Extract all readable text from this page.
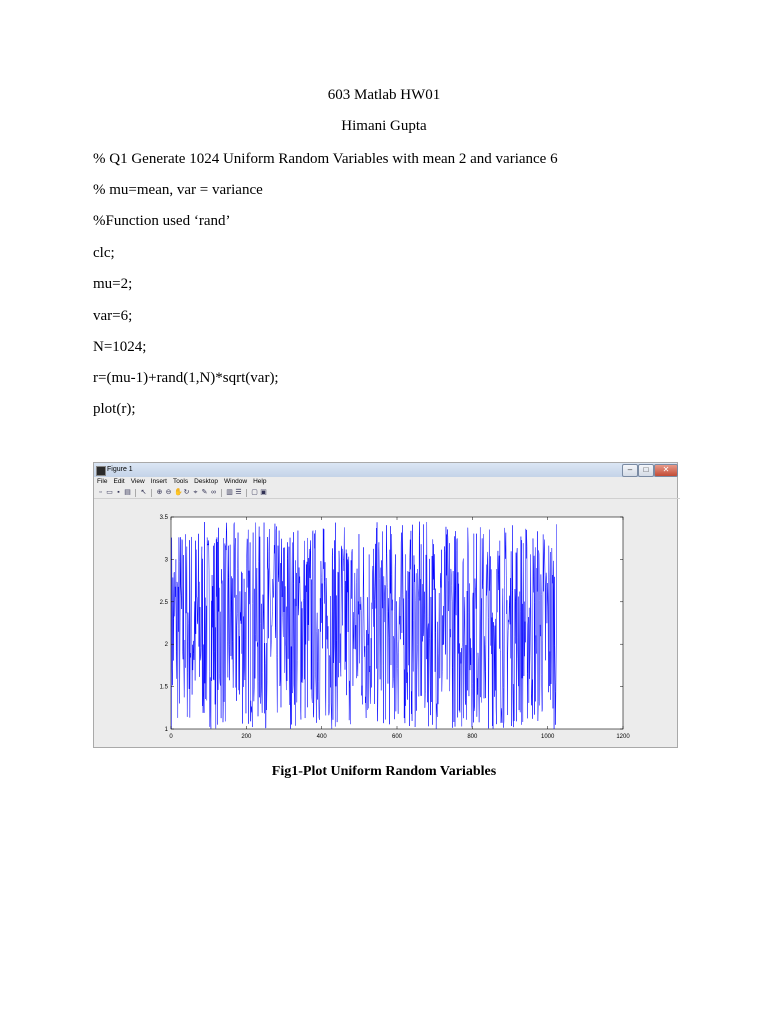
603 Matlab HW01
Himani Gupta
% Q1 Generate 1024 Uniform Random Variables with mean 2 and variance 6
% mu=mean, var = variance
%Function used ‘rand’
clc;
mu=2;
var=6;
N=1024;
r=(mu-1)+rand(1,N)*sqrt(var);
plot(r);
Figure 1	–	□	✕
File Edit View Insert Tools Desktop Window Help
▫ ▭ ▪ ▤ ↖ ⊕ ⊖ ✋ ↻ ⌖ ✎ ∞ ▥ ☰ ▢ ▣
0	200	400	600	800	1000	1200
1
1.5
2
2.5
3
3.5
Fig1-Plot Uniform Random Variables
